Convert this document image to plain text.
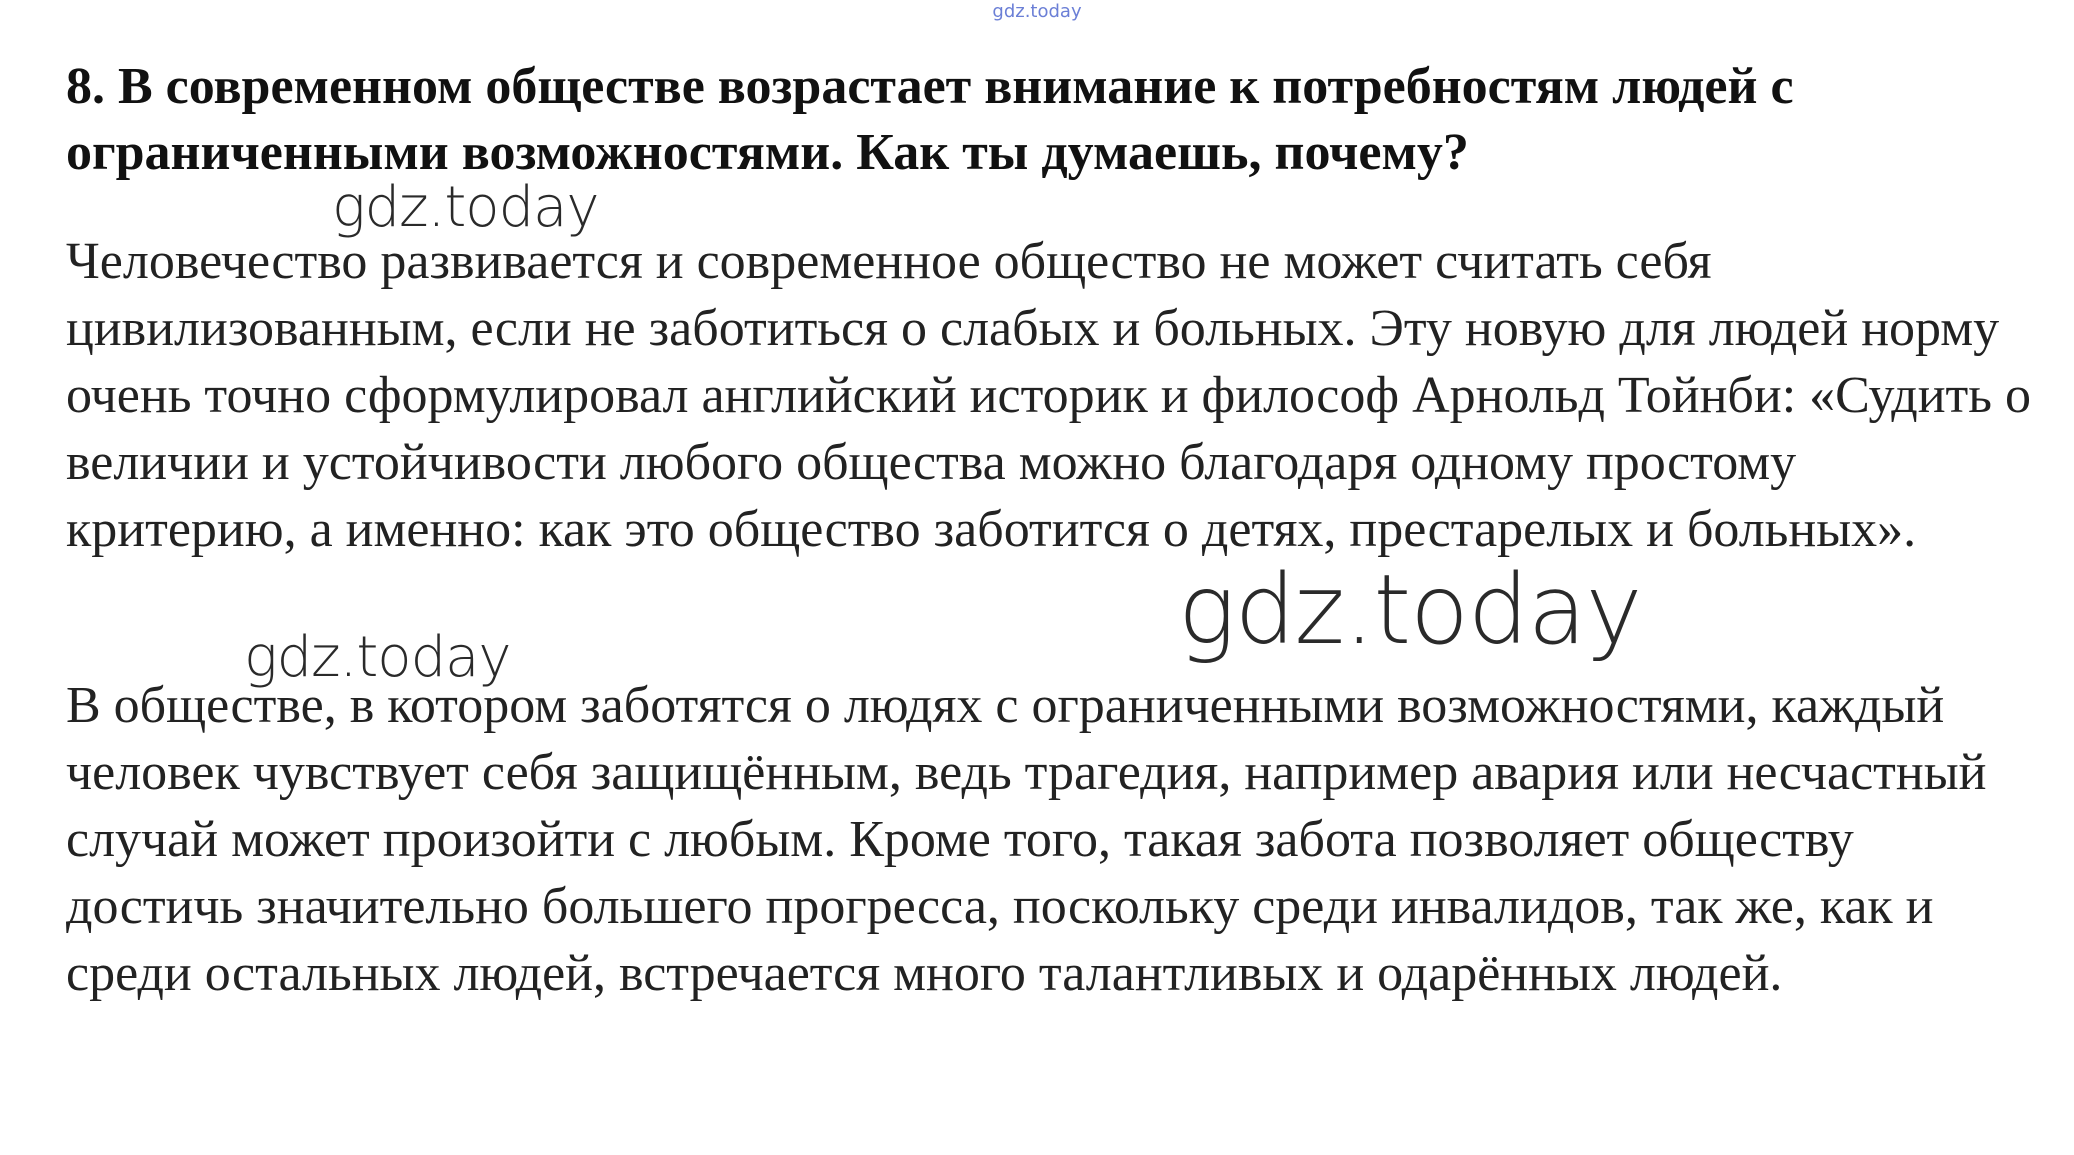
gdz.today
8. В современном обществе возрастает внимание к потребностям людей с ограниченными возможностями. Как ты думаешь, почему?

Человечество развивается и современное общество не может считать себя цивилизованным, если не заботиться о слабых и больных. Эту новую для людей норму очень точно сформулировал английский историк и философ Арнольд Тойнби: «Судить о величии и устойчивости любого общества можно благодаря одному простому критерию, а именно: как это общество заботится о детях, престарелых и больных».

В обществе, в котором заботятся о людях с ограниченными возможностями, каждый человек чувствует себя защищённым, ведь трагедия, например авария или несчастный случай может произойти с любым. Кроме того, такая забота позволяет обществу достичь значительно большего прогресса, поскольку среди инвалидов, так же, как и среди остальных людей, встречается много талантливых и одарённых людей.

gdz.today
gdz.today
gdz.today
